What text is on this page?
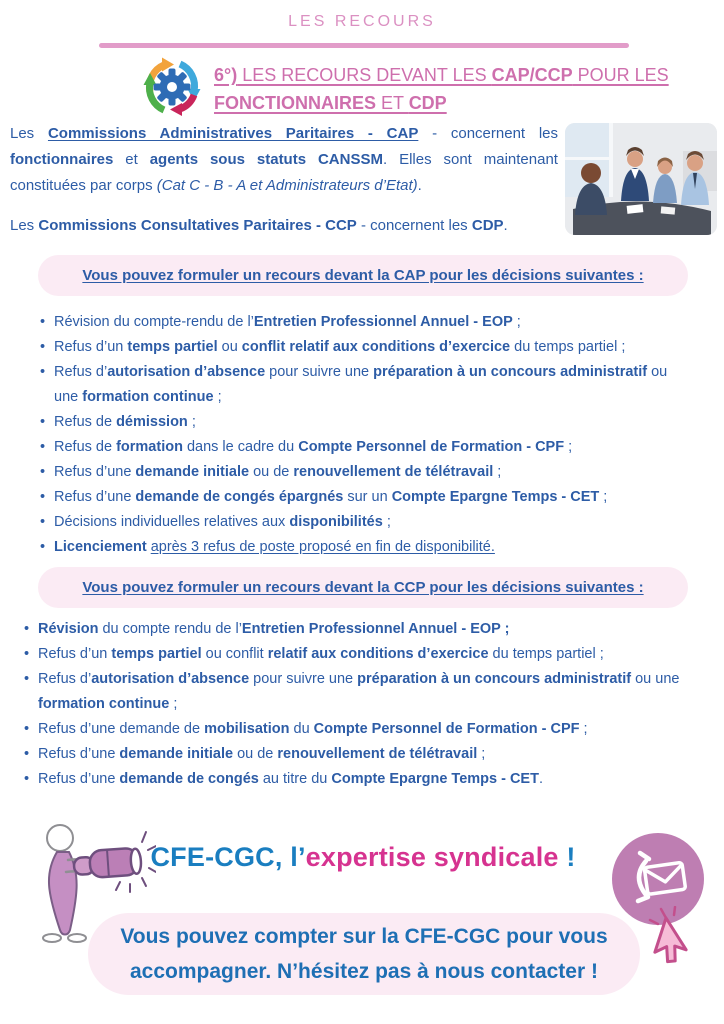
LES RECOURS
6°) LES RECOURS DEVANT LES CAP/CCP POUR LES
FONCTIONNAIRES ET CDP

Les Commissions Administratives Paritaires - CAP - concernent les fonctionnaires et agents sous statuts CANSSM. Elles sont maintenant constituées par corps (Cat C - B - A et Administrateurs d’Etat).

Les Commissions Consultatives Paritaires - CCP - concernent les CDP.

Vous pouvez formuler un recours devant la CAP pour les décisions suivantes :
• Révision du compte-rendu de l’Entretien Professionnel Annuel - EOP ;
• Refus d’un temps partiel ou conflit relatif aux conditions d’exercice du temps partiel ;
• Refus d’autorisation d’absence pour suivre une préparation à un concours administratif ou une formation continue ;
• Refus de démission ;
• Refus de formation dans le cadre du Compte Personnel de Formation - CPF ;
• Refus d’une demande initiale ou de renouvellement de télétravail ;
• Refus d’une demande de congés épargnés sur un Compte Epargne Temps - CET ;
• Décisions individuelles relatives aux disponibilités ;
• Licenciement après 3 refus de poste proposé en fin de disponibilité.
Vous pouvez formuler un recours devant la CCP pour les décisions suivantes :
• Révision du compte rendu de l’Entretien Professionnel Annuel - EOP ;
• Refus d’un temps partiel ou conflit relatif aux conditions d’exercice du temps partiel ;
• Refus d’autorisation d’absence pour suivre une préparation à un concours administratif ou une formation continue ;
• Refus d’une demande de mobilisation du Compte Personnel de Formation - CPF ;
• Refus d’une demande initiale ou de renouvellement de télétravail ;
• Refus d’une demande de congés au titre du Compte Epargne Temps - CET.
CFE-CGC, l’expertise syndicale !
Vous pouvez compter sur la CFE-CGC pour vous
accompagner. N’hésitez pas à nous contacter !
